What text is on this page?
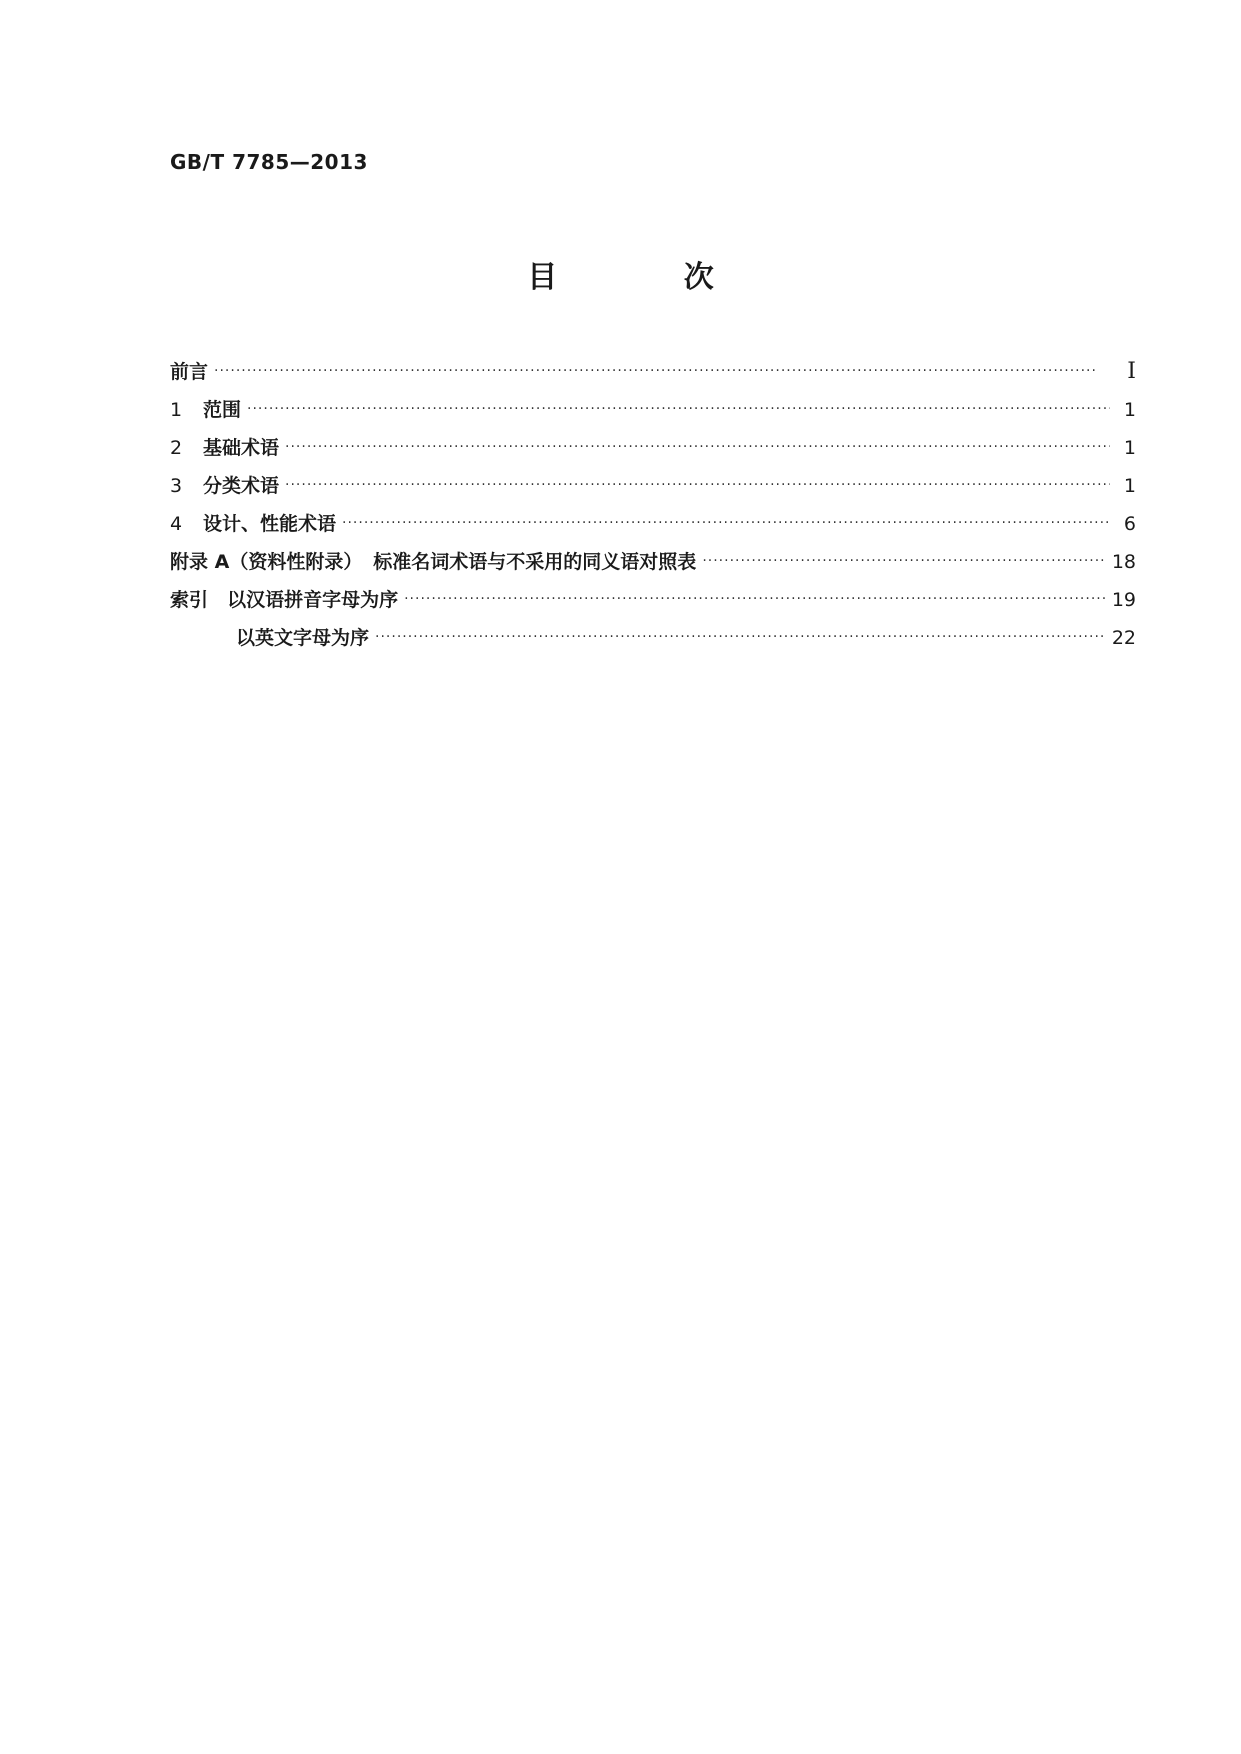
GB/T 7785—2013
目 次
前言 ·····	I
1	范围 ·····	1
2	基础术语 ·····	1
3	分类术语 ·····	1
4	设计、性能术语 ·····	6
附录 A（资料性附录） 标准名词术语与不采用的同义语对照表 ·····	18
索引 以汉语拼音字母为序 ·····	19
以英文字母为序 ·····	22
